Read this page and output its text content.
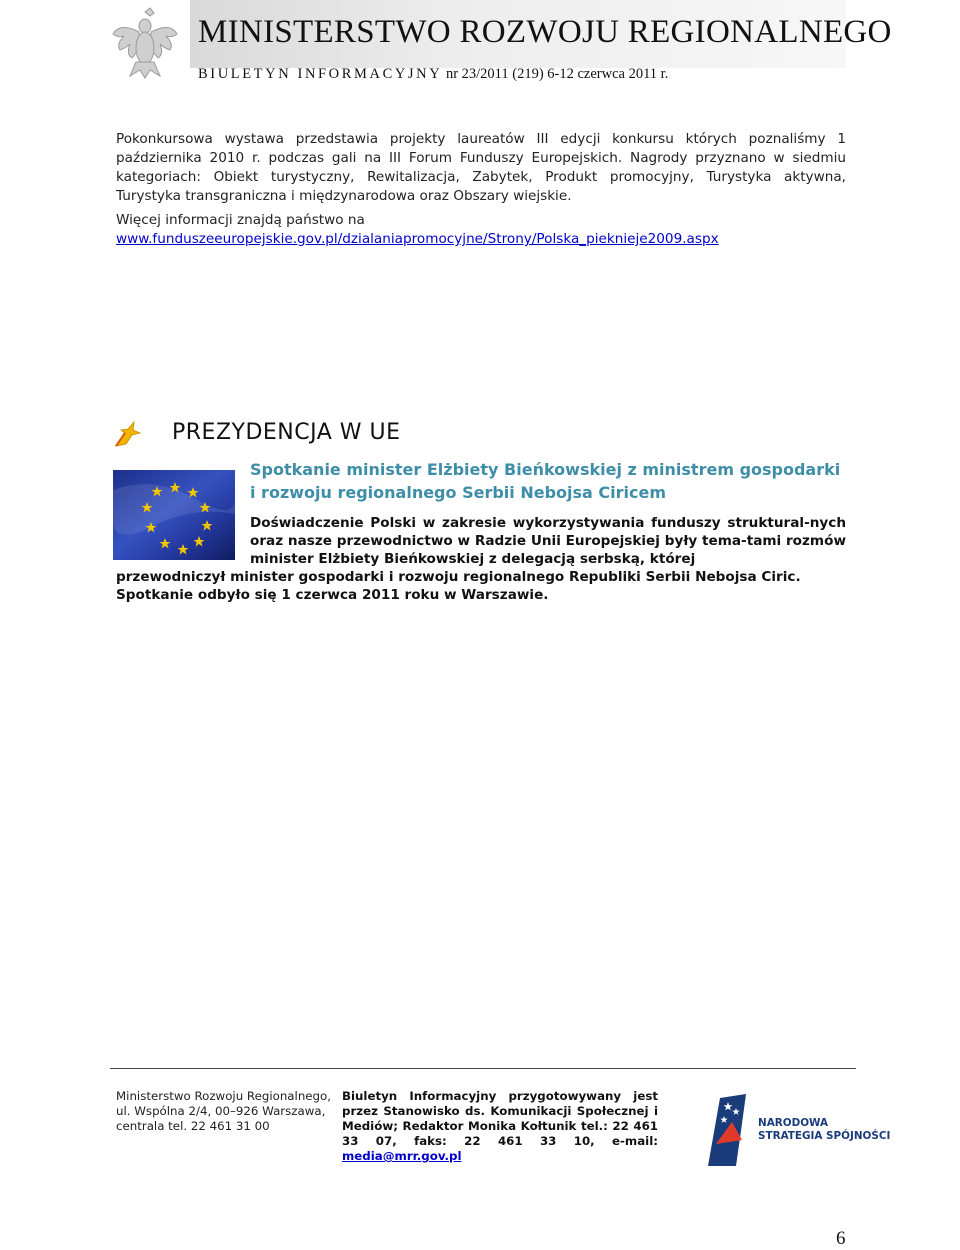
MINISTERSTWO ROZWOJU REGIONALNEGO
BIULETYN INFORMACYJNY nr 23/2011 (219) 6-12 czerwca 2011 r.

Pokonkursowa wystawa przedstawia projekty laureatów III edycji konkursu których poznaliśmy 1 października 2010 r. podczas gali na III Forum Funduszy Europejskich. Nagrody przyznano w siedmiu kategoriach: Obiekt turystyczny, Rewitalizacja, Zabytek, Produkt promocyjny, Turystyka aktywna, Turystyka transgraniczna i międzynarodowa oraz Obszary wiejskie.

Więcej informacji znajdą państwo na

www.funduszeeuropejskie.gov.pl/dzialaniapromocyjne/Strony/Polska_pieknieje2009.aspx
PREZYDENCJA W UE

Spotkanie minister Elżbiety Bieńkowskiej z ministrem gospodarki i rozwoju regionalnego Serbii Nebojsa Ciricem

Doświadczenie Polski w zakresie wykorzystywania funduszy struktural-nych oraz nasze przewodnictwo w Radzie Unii Europejskiej były tema-tami rozmów minister Elżbiety Bieńkowskiej z delegacją serbską, której

przewodniczył minister gospodarki i rozwoju regionalnego Republiki Serbii Nebojsa Ciric. Spotkanie odbyło się 1 czerwca 2011 roku w Warszawie.

Ministerstwo Rozwoju Regionalnego,
ul. Wspólna 2/4, 00–926 Warszawa,
centrala tel. 22 461 31 00

Biuletyn Informacyjny przygotowywany jest przez Stanowisko ds. Komunikacji Społecznej i Mediów; Redaktor Monika Kołtunik tel.: 22 461 33 07, faks: 22 461 33 10, e-mail: media@mrr.gov.pl

NARODOWA
STRATEGIA SPÓJNOŚCI
6
